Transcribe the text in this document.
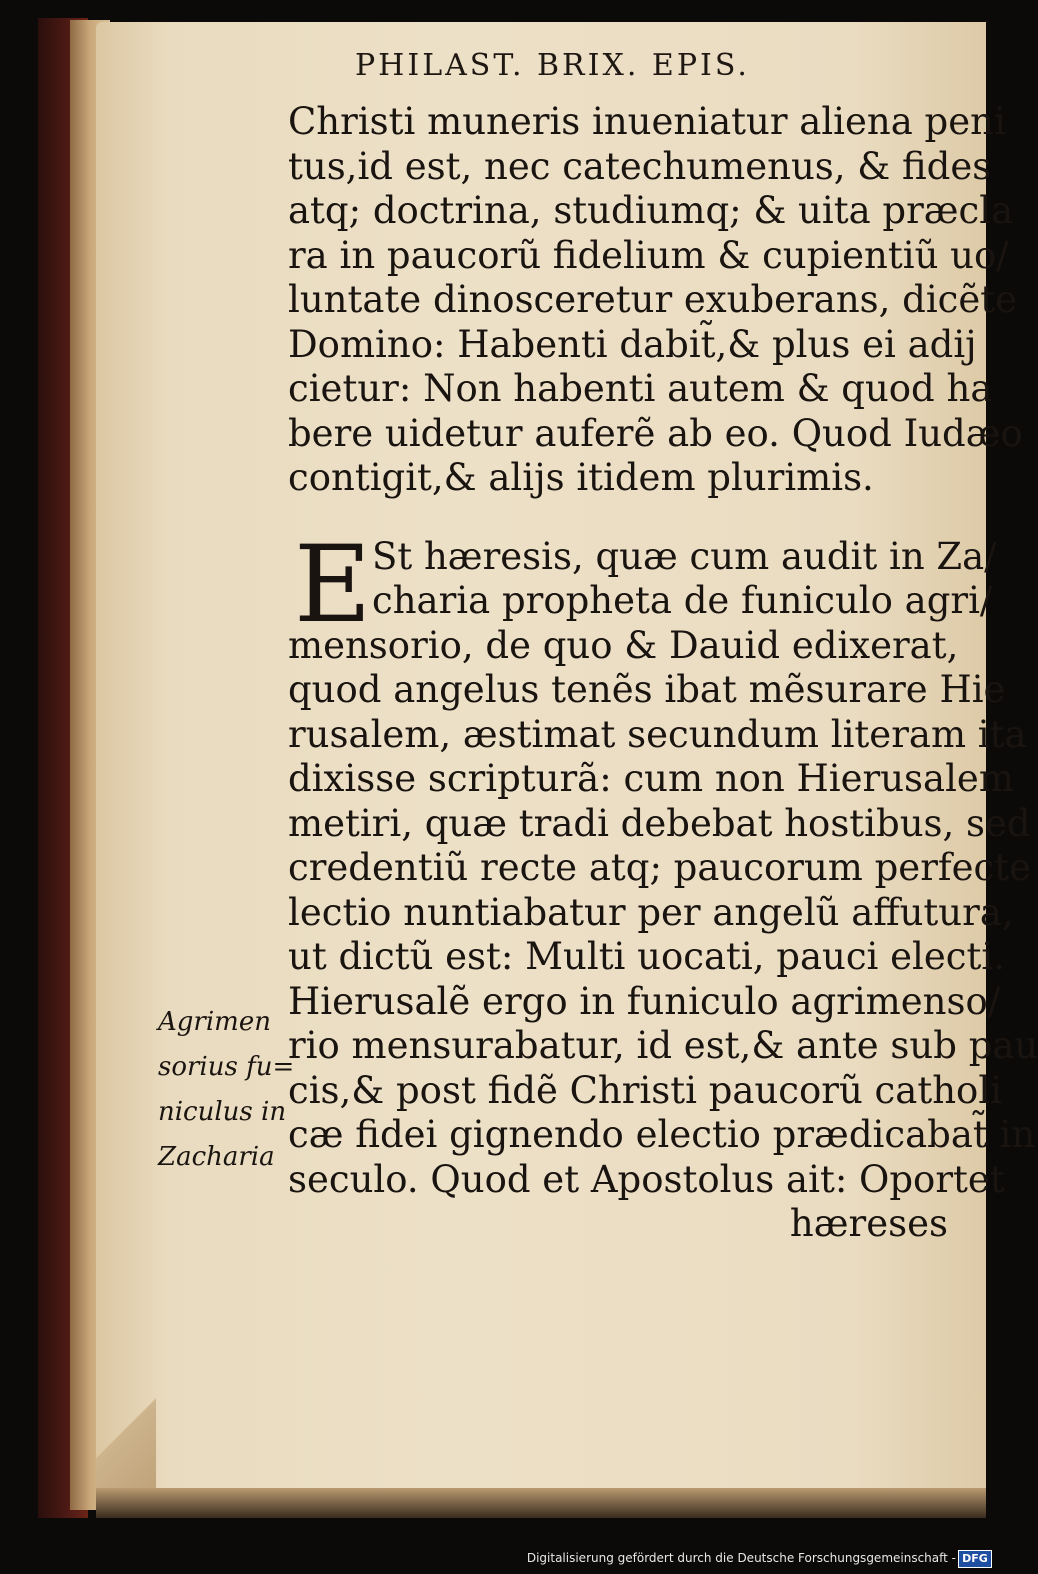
PHILAST. BRIX. EPIS.
Christi muneris inueniatur aliena peni
tus,id est, nec catechumenus, & fides
atq; doctrina, studiumq; & uita præcla
ra in paucorũ fidelium & cupientiũ uo/
luntate dinosceretur exuberans, dicẽte
Domino: Habenti dabit̃,& plus ei adij
cietur: Non habenti autem & quod ha
bere uidetur auferẽ ab eo. Quod Iudæo
contigit,& alijs itidem plurimis.
E St hæresis, quæ cum audit in Za/
charia propheta de funiculo agri/
mensorio, de quo & Dauid edixerat,
quod angelus tenẽs ibat mẽsurare Hie
rusalem, æstimat secundum literam ita
dixisse scripturã: cum non Hierusalem
metiri, quæ tradi debebat hostibus, sed
credentiũ recte atq; paucorum perfecte
lectio nuntiabatur per angelũ affutura,
ut dictũ est: Multi uocati, pauci electi.
Hierusalẽ ergo in funiculo agrimenso/
rio mensurabatur, id est,& ante sub pau
cis,& post fidẽ Christi paucorũ catholi
cæ fidei gignendo electio prædicabat̃ in
seculo. Quod et Apostolus ait: Oportet
hæreses
Agrimen
sorius fu=
niculus in
Zacharia
Digitalisierung gefördert durch die Deutsche Forschungsgemeinschaft - DFG
